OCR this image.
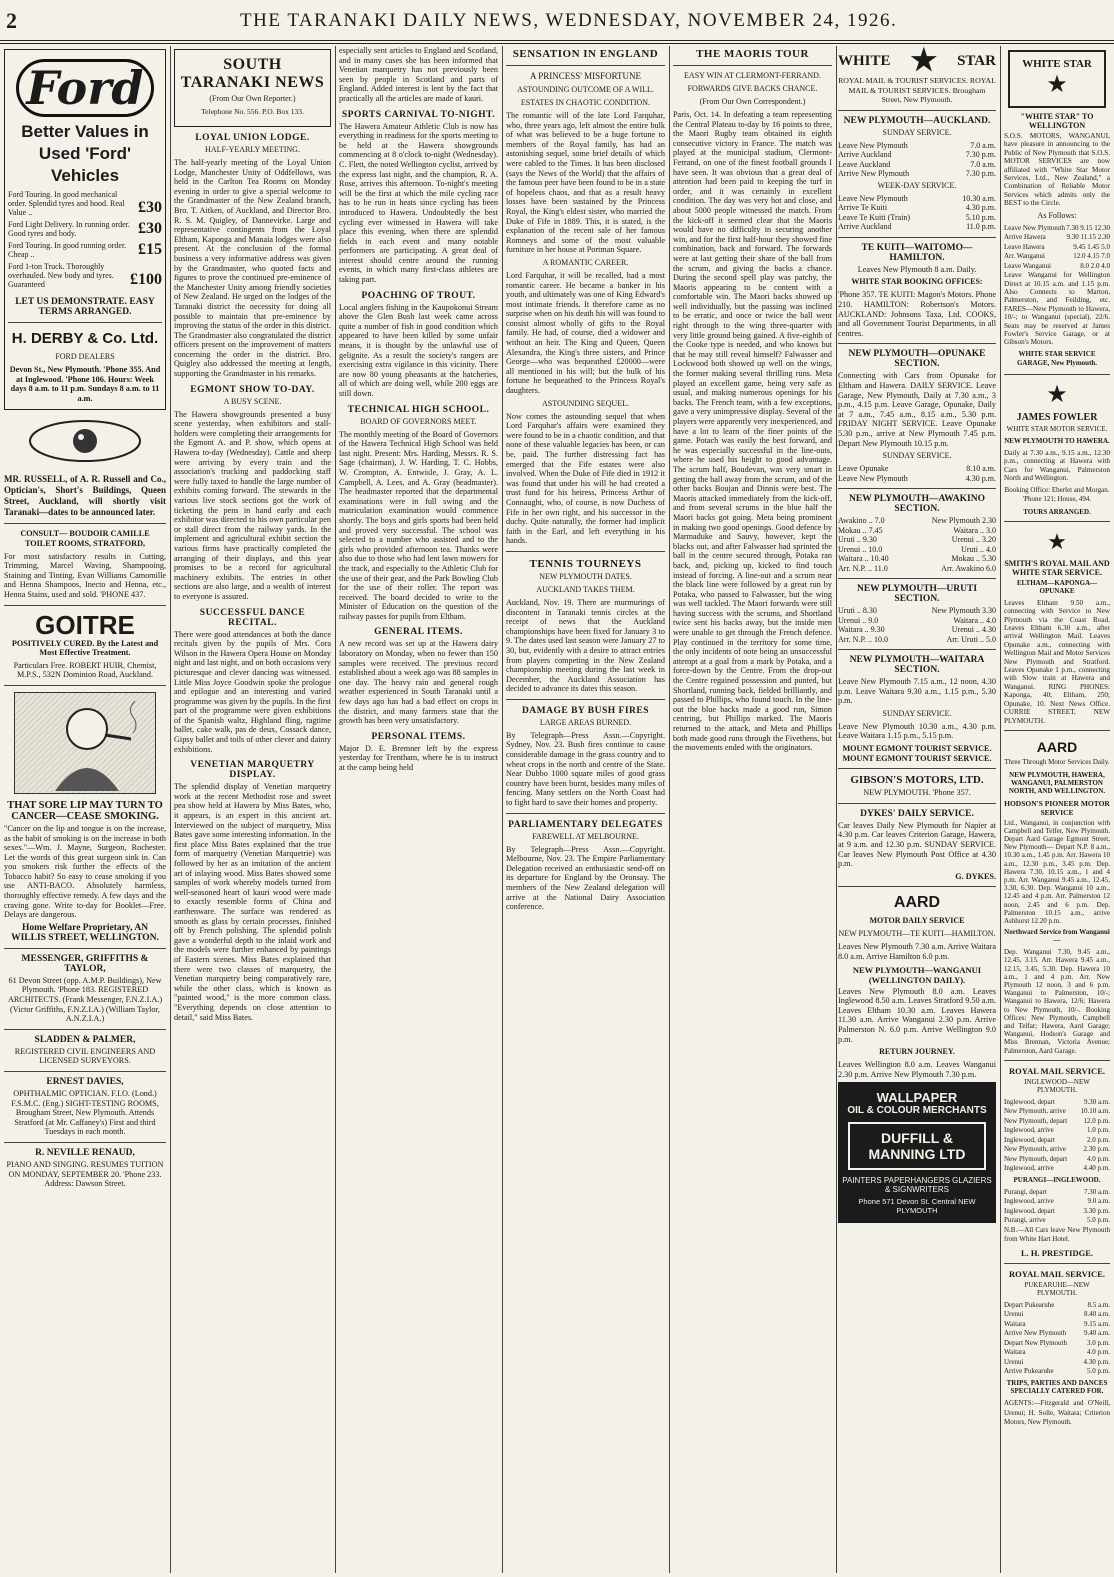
2	THE TARANAKI DAILY NEWS, WEDNESDAY, NOVEMBER 24, 1926.
Ford
Better Values in Used 'Ford' Vehicles
Ford Touring. In good mechanical order. Splendid tyres and hood. Real Value ..	£30
Ford Light Delivery. In running order. Good tyres and body.	£30
Ford Touring. In good running order. Cheap ..	£15
Ford 1-ton Truck. Thoroughly overhauled. New body and tyres. Guaranteed	£100
LET US DEMONSTRATE. EASY TERMS ARRANGED.
H. DERBY & Co. Ltd.
FORD DEALERS

Devon St., New Plymouth. 'Phone 355. And at Inglewood. 'Phone 106. Hours: Week days 8 a.m. to 11 p.m. Sundays 8 a.m. to 11 a.m.

MR. RUSSELL, of A. R. Russell and Co., Optician's, Short's Buildings, Queen Street, Auckland, will shortly visit Taranaki—dates to be announced later.

CONSULT— BOUDOIR CAMILLE TOILET ROOMS, STRATFORD,

For most satisfactory results in Cutting, Trimming, Marcel Waving, Shampooing, Staining and Tinting. Evan Williams Camomille and Henna Shampoos, Inecto and Henna, etc., Henna Stains, used and sold. 'PHONE 437.

GOITRE

POSITIVELY CURED. By the Latest and Most Effective Treatment.

Particulars Free. ROBERT HUIR, Chemist, M.P.S., 532N Dominion Road, Auckland.

THAT SORE LIP MAY TURN TO CANCER—CEASE SMOKING.

"Cancer on the lip and tongue is on the increase, as the habit of smoking is on the increase in both sexes."—Wm. J. Mayne, Surgeon, Rochester. Let the words of this great surgeon sink in. Can you smokers risk further the effects of the Tobacco habit? So easy to cease smoking if you use ANTI-BACO. Absolutely harmless, thoroughly effective remedy. A few days and the craving gone. Write to-day for Booklet—Free. Delays are dangerous.

Home Welfare Proprietary, AN WILLIS STREET, WELLINGTON.
MESSENGER, GRIFFITHS & TAYLOR,

61 Devon Street (opp. A.M.P. Buildings), New Plymouth. 'Phone 183. REGISTERED ARCHITECTS. (Frank Messenger, F.N.Z.I.A.) (Victor Griffiths, F.N.Z.I.A.) (William Taylor, A.N.Z.I.A.)

SLADDEN & PALMER,

REGISTERED CIVIL ENGINEERS AND LICENSED SURVEYORS.

ERNEST DAVIES,

OPHTHALMIC OPTICIAN. F.I.O. (Lond.) F.S.M.C. (Eng.) SIGHT-TESTING ROOMS, Brougham Street, New Plymouth. Attends Stratford (at Mr. Caffaney's) First and third Tuesdays in each month.

R. NEVILLE RENAUD,

PIANO AND SINGING. RESUMES TUITION ON MONDAY, SEPTEMBER 20. 'Phone 233. Address: Dawson Street.

SOUTH TARANAKI NEWS
(From Our Own Reporter.)
Telephone No. 556. P.O. Box 133.
LOYAL UNION LODGE.
HALF-YEARLY MEETING.

The half-yearly meeting of the Loyal Union Lodge, Manchester Unity of Oddfellows, was held in the Carlton Tea Rooms on Monday evening in order to give a special welcome to the Grandmaster of the New Zealand branch, Bro. T. Aitken, of Auckland, and Director Bro. R. S. M. Quigley, of Dannevirke. Large and representative contingents from the Loyal Eltham, Kaponga and Manaia lodges were also present. At the conclusion of the formal business a very informative address was given by the Grandmaster, who quoted facts and figures to prove the continued pre-eminence of the Manchester Unity among friendly societies of New Zealand. He urged on the lodges of the Taranaki district the necessity for doing all possible to maintain that pre-eminence by improving the status of the order in this district. The Grandmaster also congratulated the district officers present on the improvement of matters concerning the order in the district. Bro. Quigley also addressed the meeting at length, supporting the Grandmaster in his remarks.

EGMONT SHOW TO-DAY.
A BUSY SCENE.

The Hawera showgrounds presented a busy scene yesterday, when exhibitors and stall-holders were completing their arrangements for the Egmont A. and P. show, which opens at Hawera to-day (Wednesday). Cattle and sheep were arriving by every train and the association's trucking and paddocking staff were fully taxed to handle the large number of exhibits coming forward. The stewards in the various live stock sections got the work of ticketing the pens in hand early and each exhibitor was directed to his own particular pen or stall direct from the railway yards. In the implement and agricultural exhibit section the various firms have practically completed the arranging of their displays, and this year promises to be a record for agricultural machinery exhibits. The entries in other sections are also large, and a wealth of interest to everyone is assured.

SUCCESSFUL DANCE RECITAL.

There were good attendances at both the dance recitals given by the pupils of Mrs. Cora Wilson in the Hawera Opera House on Monday night and last night, and on both occasions very picturesque and clever dancing was witnessed. Little Miss Joyce Goodwin spoke the prologue and epilogue and an interesting and varied programme was given by the pupils. In the first part of the programme were given exhibitions of the Spanish waltz, Highland fling, ragtime ballet, cake walk, pas de deux, Cossack dance, Gipsy ballet and toils of other clever and dainty exhibitions.

VENETIAN MARQUETRY DISPLAY.

The splendid display of Venetian marquetry work at the recent Methodist rose and sweet pea show held at Hawera by Miss Bates, who, it appears, is an expert in this ancient art. Interviewed on the subject of marquetry, Miss Bates gave some interesting information. In the first place Miss Bates explained that the true form of marquetry (Venetian Marquetrie) was followed by her as an imitation of the ancient art of inlaying wood. Miss Bates showed some samples of work whereby models turned from well-seasoned heart of kauri wood were made to exactly resemble forms of China and earthenware. The surface was rendered as smooth as glass by certain processes, finished off by French polishing. The splendid polish gave a wonderful depth to the inlaid work and the models were further enhanced by paintings of Eastern scenes. Miss Bates explained that there were two classes of marquetry, the Venetian marquetry being comparatively rare, while the other class, which is known as "painted wood," is the more common class. "Everything depends on close attention to detail," said Miss Bates.

especially sent articles to England and Scotland, and in many cases she has been informed that Venetian marquetry has not previously been seen by people in Scotland and parts of England. Added interest is lent by the fact that practically all the articles are made of kauri.

SPORTS CARNIVAL TO-NIGHT.

The Hawera Amateur Athletic Club is now has everything in readiness for the sports meeting to be held at the Hawera showgrounds commencing at 8 o'clock to-night (Wednesday). C. Flett, the noted Wellington cyclist, arrived by the express last night, and the champion, R. A. Rose, arrives this afternoon. To-night's meeting will be the first at which the mile cycling race has to be run in heats since cycling has been introduced to Hawera. Undoubtedly the best cycling ever witnessed in Hawera will take place this evening, when there are splendid fields in each event and many notable performers are participating. A great deal of interest should centre around the running events, in which many first-class athletes are taking part.

POACHING OF TROUT.

Local anglers fishing in the Kaupokonui Stream above the Glen Bush last week came across quite a number of fish in good condition which appeared to have been killed by some unfair means, it is thought by the unlawful use of gelignite. As a result the society's rangers are exercising extra vigilance in this vicinity. There are now 80 young pheasants at the hatcheries, all of which are doing well, while 200 eggs are still down.

TECHNICAL HIGH SCHOOL.
BOARD OF GOVERNORS MEET.

The monthly meeting of the Board of Governors of the Hawera Technical High School was held last night. Present: Mrs. Harding, Messrs. R. S. Sage (chairman), J. W. Harding, T. C. Hobbs, W. Crompton, A. Entwisle, J. Gray, A. L. Campbell, A. Lees, and A. Gray (headmaster). The headmaster reported that the departmental examinations were in full swing and the matriculation examination would commence shortly. The boys and girls sports had been held and proved very successful. The school was selected to a number who assisted and to the girls who provided afternoon tea. Thanks were also due to those who had lent lawn mowers for the track, and especially to the Athletic Club for the use of their gear, and the Park Bowling Club for the use of their roller. The report was received. The board decided to write to the Minister of Education on the question of the railway passes for pupils from Eltham.

GENERAL ITEMS.

A new record was set up at the Hawera dairy laboratory on Monday, when no fewer than 150 samples were received. The previous record established about a week ago was 88 samples in one day. The heavy rain and general rough weather experienced in South Taranaki until a few days ago has had a bad effect on crops in the district, and many farmers state that the growth has been very unsatisfactory.

PERSONAL ITEMS.

Major D. E. Bremner left by the express yesterday for Trentham, where he is to instruct at the camp being held

SENSATION IN ENGLAND
A PRINCESS' MISFORTUNE
ASTOUNDING OUTCOME OF A WILL.
ESTATES IN CHAOTIC CONDITION.

The romantic will of the late Lord Farquhar, who, three years ago, left almost the entire bulk of what was believed to be a huge fortune to members of the Royal family, has had an astonishing sequel, some brief details of which were cabled to the Times. It has been disclosed (says the News of the World) that the affairs of the famous peer have been found to be in a state of hopeless chaos, and that as a result heavy losses have been sustained by the Princess Royal, the King's eldest sister, who married the Duke of Fife in 1889. This, it is stated, is the explanation of the recent sale of her famous Romneys and some of the most valuable furniture in her house at Portman Square.

A ROMANTIC CAREER.

Lord Farquhar, it will be recalled, had a most romantic career. He became a banker in his youth, and ultimately was one of King Edward's most intimate friends. It therefore came as no surprise when on his death his will was found to consist almost wholly of gifts to the Royal family. He had, of course, died a widower and without an heir. The King and Queen, Queen Alexandra, the King's three sisters, and Prince George—who was bequeathed £20000—were all mentioned in his will; but the bulk of his fortune he bequeathed to the Princess Royal's daughters.

ASTOUNDING SEQUEL.

Now comes the astounding sequel that when Lord Farquhar's affairs were examined they were found to be in a chaotic condition, and that none of these valuable legacies has been, or can be, paid. The further distressing fact has emerged that the Fife estates were also involved. When the Duke of Fife died in 1912 it was found that under his will he had created a trust fund for his heiress, Princess Arthur of Connaught, who, of course, is now Duchess of Fife in her own right, and his successor in the duchy. Quite naturally, the former had implicit faith in the Earl, and left everything in his hands.

TENNIS TOURNEYS
NEW PLYMOUTH DATES.
AUCKLAND TAKES THEM.

Auckland, Nov. 19. There are murmurings of discontent in Taranaki tennis circles at the receipt of news that the Auckland championships have been fixed for January 3 to 9. The dates used last season were January 27 to 30, but, evidently with a desire to attract entries from players competing in the New Zealand championship meeting during the last week in December, the Auckland Association has decided to advance its dates this season.

DAMAGE BY BUSH FIRES
LARGE AREAS BURNED.

By Telegraph—Press Assn.—Copyright. Sydney, Nov. 23. Bush fires continue to cause considerable damage in the grass country and to wheat crops in the north and centre of the State. Near Dubbo 1000 square miles of good grass country have been burnt, besides many miles of fencing. Many settlers on the North Coast had to fight hard to save their homes and property.

PARLIAMENTARY DELEGATES
FAREWELL AT MELBOURNE.

By Telegraph—Press Assn.—Copyright. Melbourne, Nov. 23. The Empire Parliamentary Delegation received an enthusiastic send-off on its departure for England by the Oronsay. The members of the New Zealand delegation will arrive at the National Dairy Association conference.

THE MAORIS TOUR
EASY WIN AT CLERMONT-FERRAND.
FORWARDS GIVE BACKS CHANCE.
(From Our Own Correspondent.)

Paris, Oct. 14. In defeating a team representing the Central Plateau to-day by 16 points to three, the Maori Rugby team obtained its eighth consecutive victory in France. The match was played at the municipal stadium, Clermont-Ferrand, on one of the finest football grounds I have seen. It was obvious that a great deal of attention had been paid to keeping the turf in order, and it was certainly in excellent condition. The day was very hot and close, and about 5000 people witnessed the match. From the kick-off it seemed clear that the Maoris would have no difficulty in securing another win, and for the first half-hour they showed fine combination, back and forward. The forwards were at last getting their share of the ball from the scrum, and giving the backs a chance. During the second spell play was patchy, the Maoris appearing to be content with a comfortable win. The Maori backs showed up well individually, but the passing was inclined to be erratic, and once or twice the ball went right through to the wing three-quarter with very little ground being gained. A five-eighth of the Cooke type is needed, and who knows but that he may still reveal himself? Falwasser and Lockwood both showed up well on the wings, the former making several thrilling runs. Meta played an excellent game, being very safe as usual, and making numerous openings for his backs. The French team, with a few exceptions, gave a very unimpressive display. Several of the players were apparently very inexperienced, and have a lot to learn of the finer points of the game. Potach was easily the best forward, and he was especially successful in the line-outs, where he used his height to good advantage. The scrum half, Boudevan, was very smart in getting the ball away from the scrum, and of the other backs Boujan and Dinnis were best. The Maoris attacked immediately from the kick-off, and from several scrums in the blue half the Maori backs got going. Meta being prominent in making two good openings. Good defence by Marmaduke and Sauvy, however, kept the blacks out, and after Falwasser had sprinted the ball in the centre secured through, Potaka ran back, and, picking up, kicked to find touch instead of forcing. A line-out and a scrum near the black line were followed by a great run by Potaka, who passed to Falwasser, but the wing was well tackled. The Maori forwards were still having success with the scrums, and Shortland twice sent his backs away, but the inside men were unable to get through the French defence. Play continued in the territory for some time, the only incidents of note being an unsuccessful attempt at a goal from a mark by Potaka, and a force-down by the Centre. From the drop-out the Centre regained possession and punted, but Shortland, running back, fielded brilliantly, and passed to Phillips, who found touch. In the line-out the blue backs made a good run, Simon centring, but Phillips marked. The Maoris returned to the attack, and Meta and Phillips both made good runs through the Fivethens, but the movements ended with the originators.

WHITE ★ STAR

ROYAL MAIL & TOURIST SERVICES. ROYAL MAIL & TOURIST SERVICES. Brougham Street, New Plymouth.

NEW PLYMOUTH—AUCKLAND.
SUNDAY SERVICE.
Leave New Plymouth	7.0 a.m.
Arrive Auckland	7.30 p.m.
Leave Auckland	7.0 a.m.
Arrive New Plymouth	7.30 p.m.
WEEK-DAY SERVICE.
Leave New Plymouth	10.30 a.m.
Arrive Te Kuiti	4.30 p.m.
Leave Te Kuiti (Train)	5.10 p.m.
Arrive Auckland	11.0 p.m.
TE KUITI—WAITOMO—HAMILTON.

Leaves New Plymouth 8 a.m. Daily.

WHITE STAR BOOKING OFFICES:

'Phone 357. TE KUITI: Magon's Motors. Phone 210. HAMILTON: Robertson's Motors. AUCKLAND: Johnsons Taxa, Ltd. COOKS, and all Government Tourist Departments, in all centres.

NEW PLYMOUTH—OPUNAKE SECTION.

Connecting with Cars from Opunake for Eltham and Hawera. DAILY SERVICE. Leave Garage, New Plymouth, Daily at 7.30 a.m., 3 p.m., 4.15 p.m. Leave Garage, Opunake, Daily at 7 a.m., 7.45 a.m., 8.15 a.m., 5.30 p.m. FRIDAY NIGHT SERVICE. Leave Opunake 5.30 p.m., arrive at New Plymouth 7.45 p.m. Depart New Plymouth 10.15 p.m.

SUNDAY SERVICE.
Leave Opunake	8.10 a.m.
Leave New Plymouth	4.30 p.m.
NEW PLYMOUTH—AWAKINO SECTION.
Awakino .. 7.0	New Plymouth 2.30
Mokau .. 7.45	Waitara .. 3.0
Uruti .. 9.30	Urenui .. 3.20
Urenui .. 10.0	Uruti .. 4.0
Waitara .. 10.40	Mokau .. 5.30
Arr. N.P. .. 11.0	Arr. Awakino 6.0
NEW PLYMOUTH—URUTI SECTION.
Uruti .. 8.30	New Plymouth 3.30
Urenui .. 9.0	Waitara .. 4.0
Waitara .. 9.30	Urenui .. 4.30
Arr. N.P. .. 10.0	Arr. Uruti .. 5.0
NEW PLYMOUTH—WAITARA SECTION.

Leave New Plymouth 7.15 a.m., 12 noon, 4.30 p.m. Leave Waitara 9.30 a.m., 1.15 p.m., 5.30 p.m.

SUNDAY SERVICE.

Leave New Plymouth 10.30 a.m., 4.30 p.m. Leave Waitara 1.15 p.m., 5.15 p.m.

MOUNT EGMONT TOURIST SERVICE. MOUNT EGMONT TOURIST SERVICE.

GIBSON'S MOTORS, LTD.

NEW PLYMOUTH. 'Phone 357.

DYKES' DAILY SERVICE.

Car leaves Daily New Plymouth for Napier at 4.30 p.m. Car leaves Criterion Garage, Hawera, at 9 a.m. and 12.30 p.m. SUNDAY SERVICE. Car leaves New Plymouth Post Office at 4.30 p.m.

G. DYKES.

AARD
MOTOR DAILY SERVICE
NEW PLYMOUTH—TE KUITI—HAMILTON.

Leaves New Plymouth 7.30 a.m. Arrive Waitara 8.0 a.m. Arrive Hamilton 6.0 p.m.

NEW PLYMOUTH—WANGANUI (WELLINGTON DAILY).

Leaves New Plymouth 8.0 a.m. Leaves Inglewood 8.50 a.m. Leaves Stratford 9.50 a.m. Leaves Eltham 10.30 a.m. Leaves Hawera 11.30 a.m. Arrive Wanganui 2.30 p.m. Arrive Palmerston N. 6.0 p.m. Arrive Wellington 9.0 p.m.

RETURN JOURNEY.

Leaves Wellington 8.0 a.m. Leaves Wanganui 2.30 p.m. Arrive New Plymouth 7.30 p.m.

WALLPAPER
OIL & COLOUR MERCHANTS
DUFFILL & MANNING LTD
PAINTERS PAPERHANGERS GLAZIERS & SIGNWRITERS
Phone 571 Devon St. Central NEW PLYMOUTH
WHITE STAR
★
"WHITE STAR" TO WELLINGTON

S.O.S. MOTORS, WANGANUI, have pleasure in announcing to the Public of New Plymouth that S.O.S. MOTOR SERVICES are now affiliated with "White Star Motor Services, Ltd., New Zealand," a Combination of Reliable Motor Services which admits only the BEST to the Circle.

As Follows:
Leave New Plymouth 7.30 9.15 12.30
Arrive Hawera	9.30 11.15 2.30
Leave Hawera	9.45 1.45 5.0
Arr. Wanganui	12.0 4.15 7.0
Leave Wanganui	8.0 2.0 4.0

Leave Wanganui for Wellington Direct at 10.15 a.m. and 1.15 p.m. Also Connects to Marton, Palmerston, and Feilding, etc. FARES—New Plymouth to Hawera, 10/-; to Wanganui (special), 22/6. Seats may be reserved at James Fowler's Service Garage, or at Gibson's Motors.

WHITE STAR SERVICE GARAGE, New Plymouth.

★
JAMES FOWLER
WHITE STAR MOTOR SERVICE.
NEW PLYMOUTH TO HAWERA.

Daily at 7.30 a.m., 9.15 a.m., 12.30 p.m., connecting at Hawera with Cars for Wanganui, Palmerston North and Wellington.

Booking Office: Eberlet and Morgan. 'Phone 121; House, 494.

TOURS ARRANGED.
★
SMITH'S ROYAL MAIL AND WHITE STAR SERVICE.
ELTHAM—KAPONGA—OPUNAKE

Leaves Eltham 9.50 a.m., connecting with Service to New Plymouth via the Coast Road. Leaves Eltham 6.30 a.m., after arrival Wellington Mail. Leaves Opunake a.m., connecting with Wellington Mail and Motor Services New Plymouth and Stratford. Leaves Opunake 1 p.m., connecting with Slow train at Hawera and Wanganui. RING PHONES: Kaponga, 40; Eltham, 250; Opunake, 10. Next News Office. CURRIE STREET, NEW PLYMOUTH.

AARD

Three Through Motor Services Daily.

NEW PLYMOUTH, HAWERA, WANGANUI, PALMERSTON NORTH, AND WELLINGTON.
HODSON'S PIONEER MOTOR SERVICE

Ltd., Wanganui, in conjunction with Campbell and Telfer, New Plymouth. Depart Aard Garage Egmont Street, New Plymouth— Depart N.P. 8 a.m., 10.30 a.m., 1.45 p.m. Arr. Hawera 10 a.m., 12.30 p.m., 3.45 p.m. Dep. Hawera 7.30, 10.15 a.m., 1 and 4 p.m. Arr. Wanganui 9.45 a.m., 12.45, 3.30, 6.30. Dep. Wanganui 10 a.m., 12.45 and 4 p.m. Arr. Palmerston 12 noon, 2.45 and 6 p.m. Dep. Palmerston 10.15 a.m., arrive Ashhurst 12.20 p.m.

Northward Service from Wanganui—

Dep. Wanganui 7.30, 9.45 a.m., 12.45, 3.15. Arr. Hawera 9.45 a.m., 12.15, 3.45, 5.30. Dep. Hawera 10 a.m., 1 and 4 p.m. Arr. New Plymouth 12 noon, 3 and 6 p.m. Wanganui to Palmerston, 10/-; Wanganui to Hawera, 12/6; Hawera to New Plymouth, 10/-. Booking Offices: New Plymouth, Campbell and Telfar; Hawera, Aard Garage; Wanganui, Hodson's Garage and Miss Brennan, Victoria Avenue; Palmerston, Aard Garage.

ROYAL MAIL SERVICE.
INGLEWOOD—NEW PLYMOUTH.
Inglewood, depart	9.30 a.m.
New Plymouth, arrive 10.10 a.m.
New Plymouth, depart 12.0 p.m.
Inglewood, arrive	1.0 p.m.
Inglewood, depart	2.0 p.m.
New Plymouth, arrive	2.30 p.m.
New Plymouth, depart	4.0 p.m.
Inglewood, arrive	4.40 p.m.
PURANGI—INGLEWOOD.
Purangi, depart	7.30 a.m.
Inglewood, arrive	9.0 a.m.
Inglewood, depart	3.30 p.m.
Purangi, arrive	5.0 p.m.

N.B.—All Cars leave New Plymouth from White Hart Hotel.

L. H. PRESTIDGE.
ROYAL MAIL SERVICE.
PUKEARUHE—NEW PLYMOUTH.
Depart Pukearuhe	8.5 a.m.
Urenui	8.40 a.m.
Waitara	9.15 a.m.
Arrive New Plymouth	9.40 a.m.
Depart New Plymouth	3.0 p.m.
Waitara	4.0 p.m.
Urenui	4.30 p.m.
Arrive Pukearuhe	5.0 p.m.
TRIPS, PARTIES AND DANCES SPECIALLY CATERED FOR.

AGENTS:—Fitzgerald and O'Neill, Urenui; H. Solle, Waitara; Criterion Motors, New Plymouth.
